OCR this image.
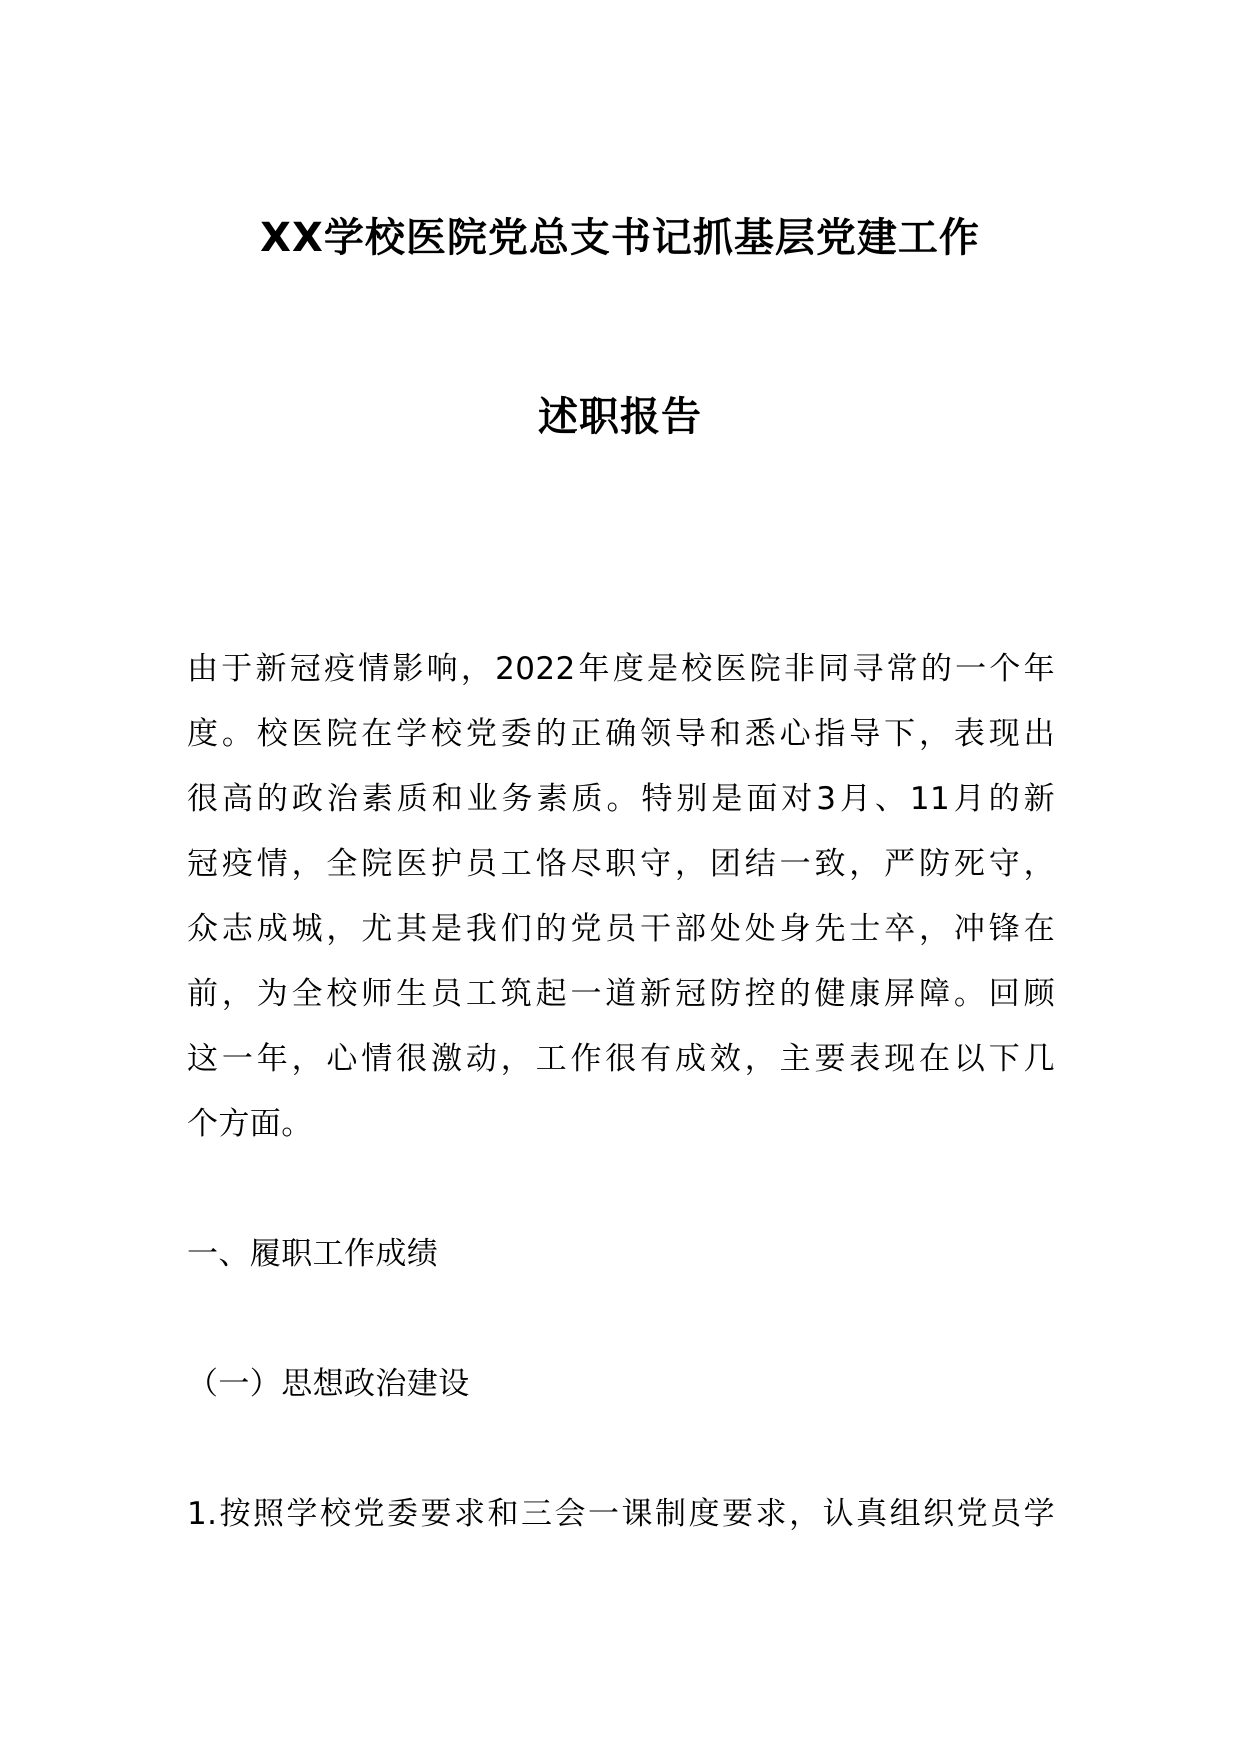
XX学校医院党总支书记抓基层党建工作
述职报告
由于新冠疫情影响，2022年度是校医院非同寻常的一个年
度。校医院在学校党委的正确领导和悉心指导下，表现出
很高的政治素质和业务素质。特别是面对3月、11月的新
冠疫情，全院医护员工恪尽职守，团结一致，严防死守，
众志成城，尤其是我们的党员干部处处身先士卒，冲锋在
前，为全校师生员工筑起一道新冠防控的健康屏障。回顾
这一年，心情很激动，工作很有成效，主要表现在以下几
个方面。
一、履职工作成绩
（一）思想政治建设
1.按照学校党委要求和三会一课制度要求，认真组织党员学
